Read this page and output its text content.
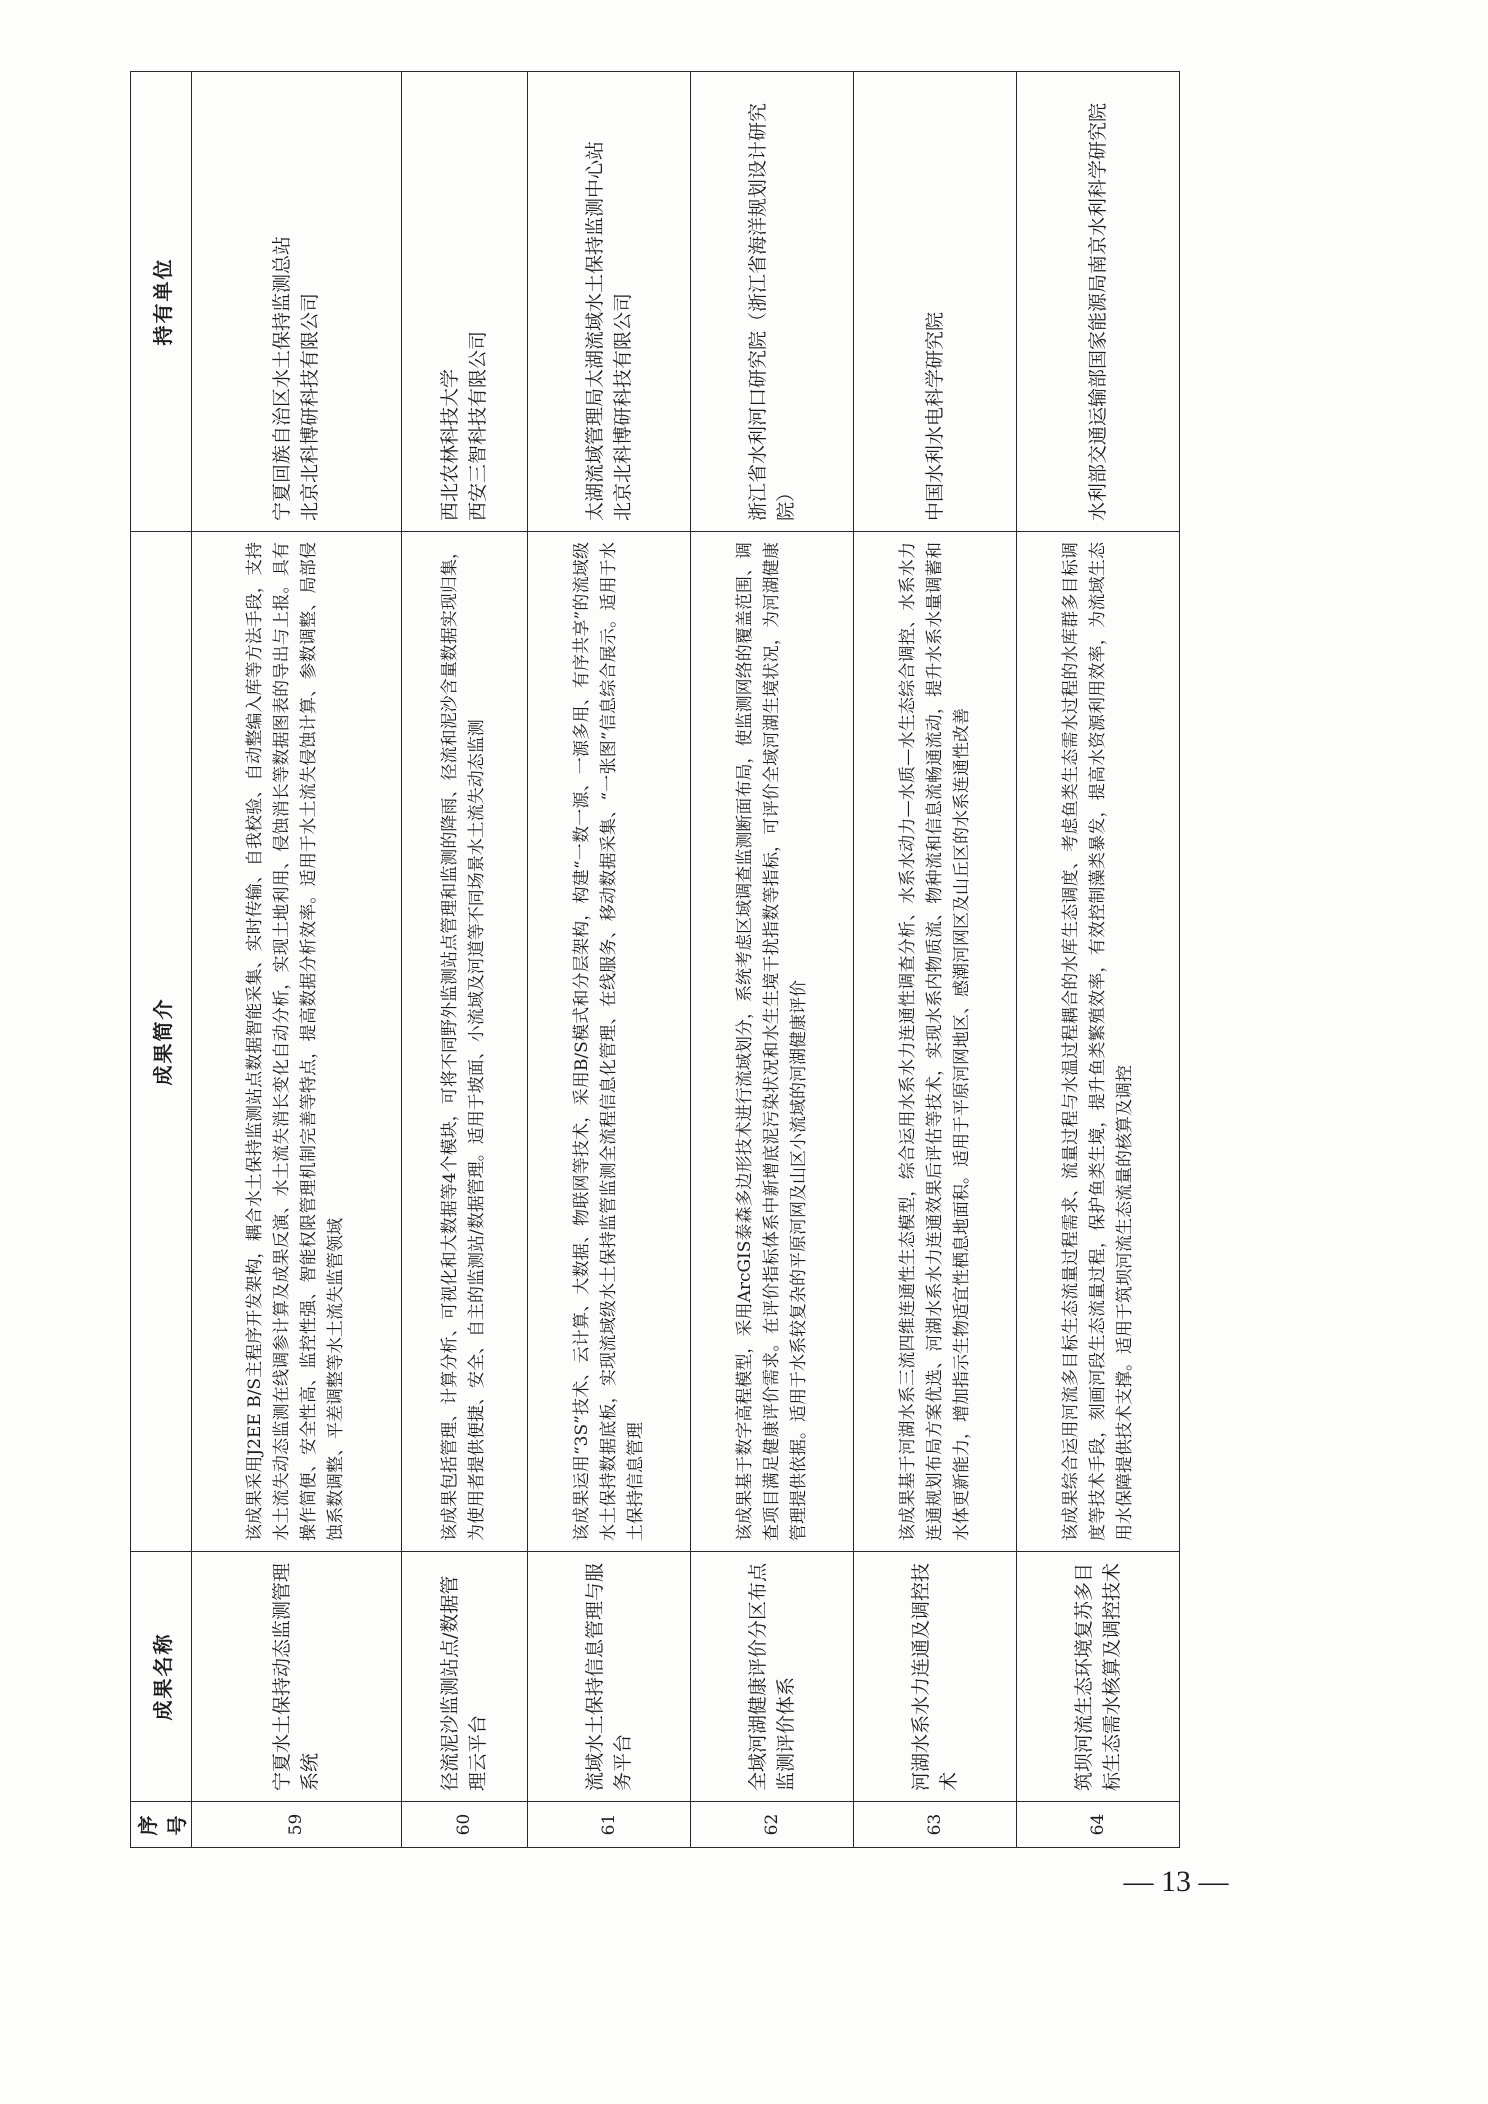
序号	成果名称	成果简介	持有单位
59	宁夏水土保持动态监测管理系统	该成果采用J2EE B/S主程序开发架构，耦合水土保持监测站点数据智能采集、实时传输、自我校验、自动整编入库等方法手段，支持水土流失动态监测在线调参计算及成果反演、水土流失消长变化自动分析，实现土地利用、侵蚀消长等数据图表的导出与上报。具有操作简便、安全性高、监控性强、智能权限管理机制完善等特点，提高数据分析效率。适用于水土流失侵蚀计算、参数调整、局部侵蚀系数调整、平差调整等水土流失监管领域	宁夏回族自治区水土保持监测总站
北京北科博研科技有限公司
60	径流泥沙监测站点/数据管理云平台	该成果包括管理、计算分析、可视化和大数据等4个模块，可将不同野外监测站点管理和监测的降雨、径流和泥沙含量数据实现归集，为使用者提供便捷、安全、自主的监测站/数据管理。适用于坡面、小流域及河道等不同场景水土流失动态监测	西北农林科技大学
西安三智科技有限公司
61	流域水土保持信息管理与服务平台	该成果运用“3S”技术、云计算、大数据、物联网等技术，采用B/S模式和分层架构，构建“一数一源、一源多用、有序共享”的流域级水土保持数据底板，实现流域级水土保持监管监测全流程信息化管理、在线服务、移动数据采集、“一张图”信息综合展示。适用于水土保持信息管理	太湖流域管理局太湖流域水土保持监测中心站
北京北科博研科技有限公司
62	全域河湖健康评价分区布点监测评价体系	该成果基于数字高程模型，采用ArcGIS泰森多边形技术进行流域划分，系统考虑区域调查监测断面布局，使监测网络的覆盖范围、调查项目满足健康评价需求。在评价指标体系中新增底泥污染状况和水生生境干扰指数等指标，可评价全域河湖生境状况，为河湖健康管理提供依据。适用于水系较复杂的平原河网及山区小流域的河湖健康评价	浙江省水利河口研究院（浙江省海洋规划设计研究院）
63	河湖水系水力连通及调控技术	该成果基于河湖水系三流四维连通性生态模型，综合运用水系水力连通性调查分析、水系水动力—水质—水生态综合调控、水系水力连通规划布局方案优选、河湖水系水力连通效果后评估等技术，实现水系内物质流、物种流和信息流畅通流动，提升水系水量调蓄和水体更新能力，增加指示生物适宜性栖息地面积。适用于平原河网地区、感潮河网区及山丘区的水系连通性改善	中国水利水电科学研究院
64	筑坝河流生态环境复苏多目标生态需水核算及调控技术	该成果综合运用河流多目标生态流量过程需求、流量过程与水温过程耦合的水库生态调度、考虑鱼类生态需水过程的水库群多目标调度等技术手段，刻画河段生态流量过程，保护鱼类生境，提升鱼类繁殖效率，有效控制藻类暴发，提高水资源利用效率，为流域生态用水保障提供技术支撑。适用于筑坝河流生态流量的核算及调控	水利部交通运输部国家能源局南京水利科学研究院
— 13 —
